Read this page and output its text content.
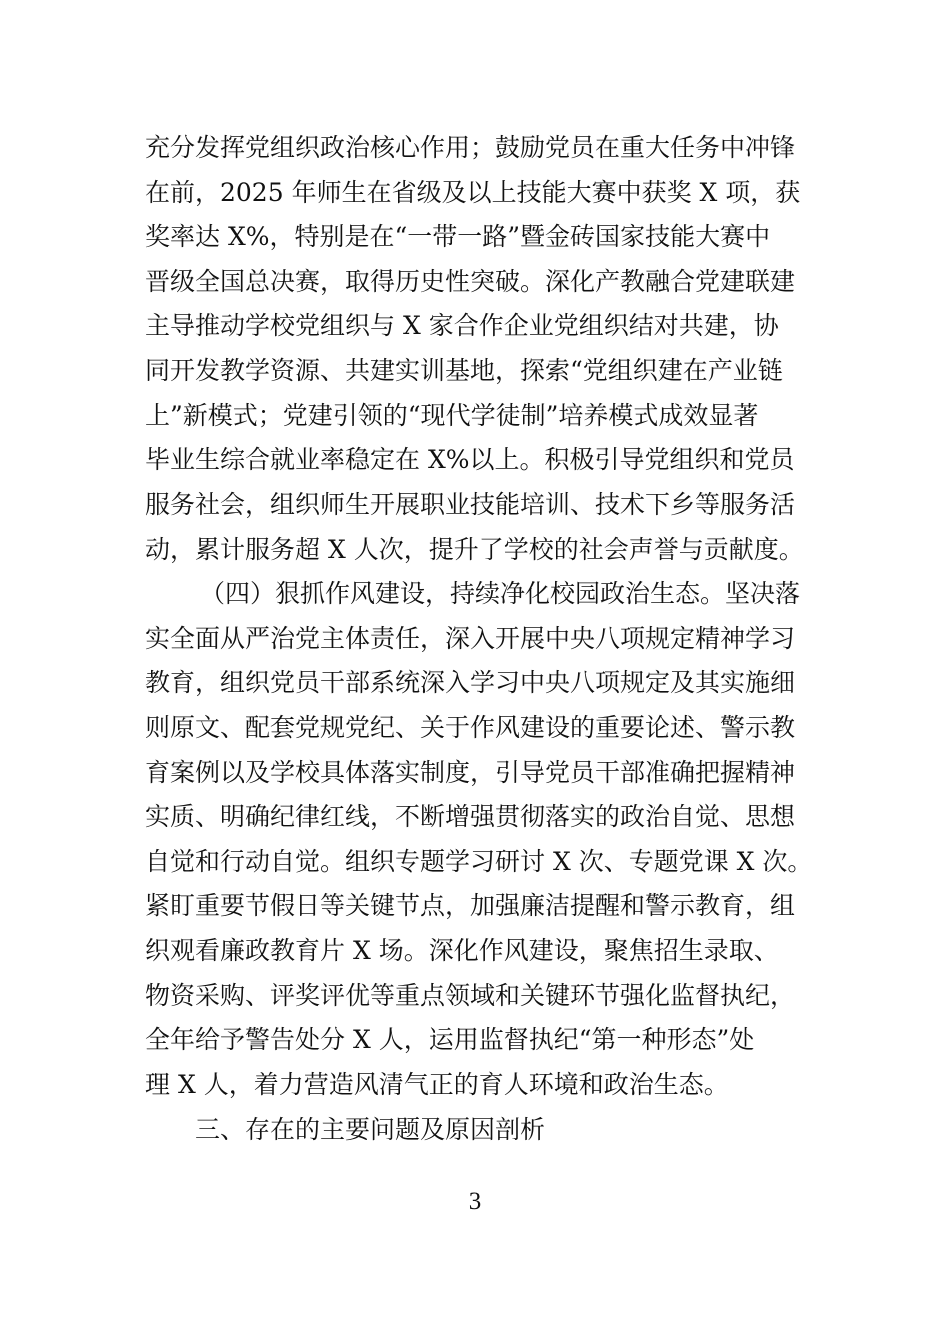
充分发挥党组织政治核心作用；鼓励党员在重大任务中冲锋
在前，2025 年师生在省级及以上技能大赛中获奖 X 项，获
奖率达 X%，特别是在“一带一路”暨金砖国家技能大赛中
晋级全国总决赛，取得历史性突破。深化产教融合党建联建
主导推动学校党组织与 X 家合作企业党组织结对共建，协
同开发教学资源、共建实训基地，探索“党组织建在产业链
上”新模式；党建引领的“现代学徒制”培养模式成效显著
毕业生综合就业率稳定在 X%以上。积极引导党组织和党员
服务社会，组织师生开展职业技能培训、技术下乡等服务活
动，累计服务超 X 人次，提升了学校的社会声誉与贡献度。
（四）狠抓作风建设，持续净化校园政治生态。坚决落
实全面从严治党主体责任，深入开展中央八项规定精神学习
教育，组织党员干部系统深入学习中央八项规定及其实施细
则原文、配套党规党纪、关于作风建设的重要论述、警示教
育案例以及学校具体落实制度，引导党员干部准确把握精神
实质、明确纪律红线，不断增强贯彻落实的政治自觉、思想
自觉和行动自觉。组织专题学习研讨 X 次、专题党课 X 次。
紧盯重要节假日等关键节点，加强廉洁提醒和警示教育，组
织观看廉政教育片 X 场。深化作风建设，聚焦招生录取、
物资采购、评奖评优等重点领域和关键环节强化监督执纪，
全年给予警告处分 X 人，运用监督执纪“第一种形态”处
理 X 人，着力营造风清气正的育人环境和政治生态。
三、存在的主要问题及原因剖析
3
